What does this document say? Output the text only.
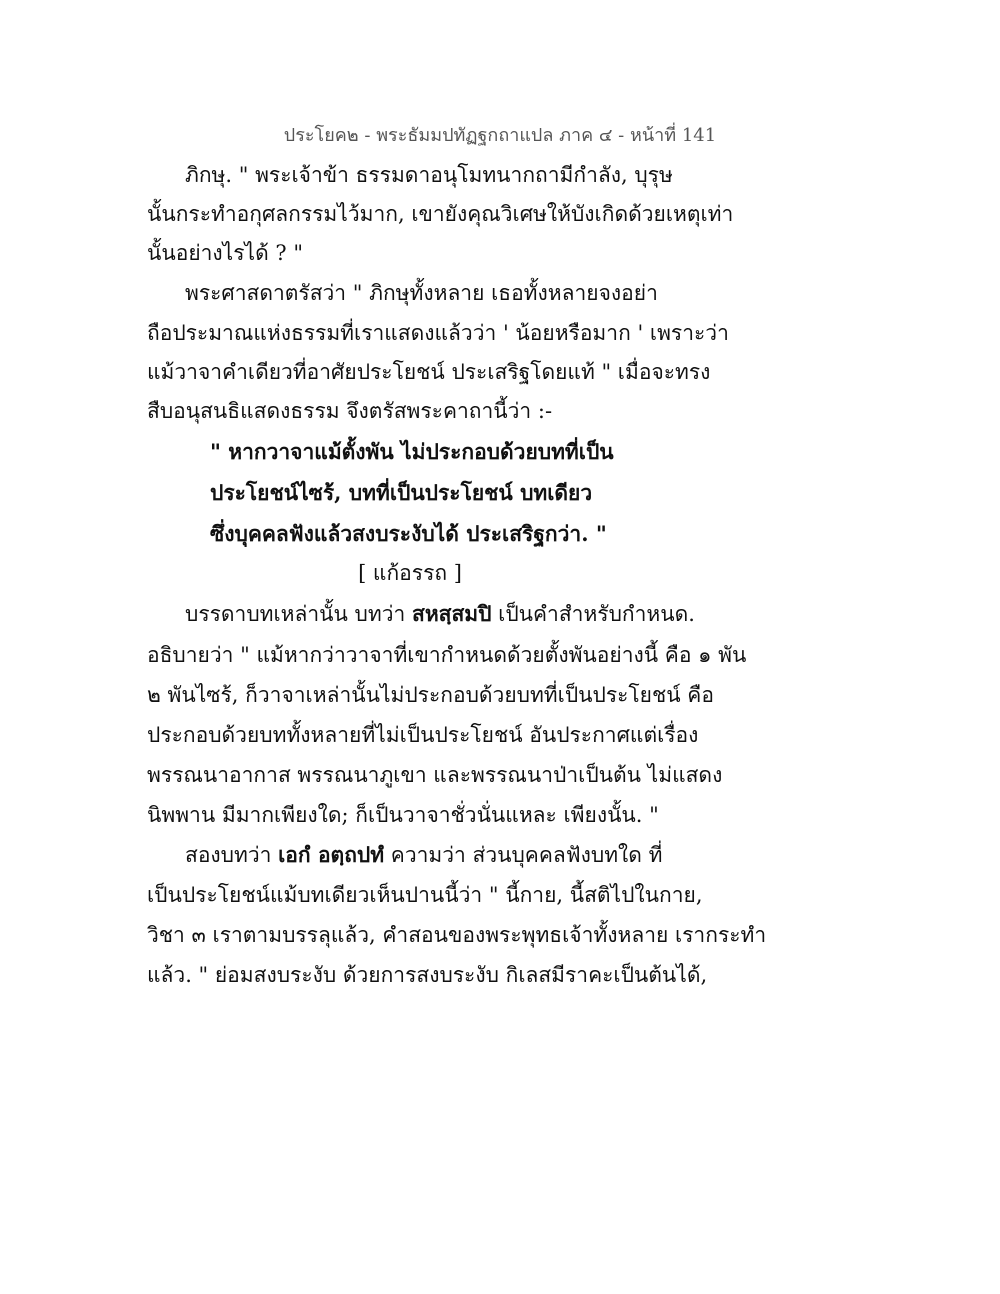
ประโยค๒ - พระธัมมปทัฏฐกถาแปล ภาค ๔ - หน้าที่ 141
ภิกษุ. " พระเจ้าข้า ธรรมดาอนุโมทนากถามีกำลัง, บุรุษ
นั้นกระทำอกุศลกรรมไว้มาก, เขายังคุณวิเศษให้บังเกิดด้วยเหตุเท่า
นั้นอย่างไรได้ ? "
พระศาสดาตรัสว่า " ภิกษุทั้งหลาย เธอทั้งหลายจงอย่า
ถือประมาณแห่งธรรมที่เราแสดงแล้วว่า ' น้อยหรือมาก ' เพราะว่า
แม้วาจาคำเดียวที่อาศัยประโยชน์ ประเสริฐโดยแท้ " เมื่อจะทรง
สืบอนุสนธิแสดงธรรม จึงตรัสพระคาถานี้ว่า :-
" หากวาจาแม้ตั้งพัน ไม่ประกอบด้วยบทที่เป็น
ประโยชน์ไซร้, บทที่เป็นประโยชน์ บทเดียว
ซึ่งบุคคลฟังแล้วสงบระงับได้ ประเสริฐกว่า. "
[ แก้อรรถ ]
บรรดาบทเหล่านั้น บทว่า สหสฺสมปิ เป็นคำสำหรับกำหนด.
อธิบายว่า " แม้หากว่าวาจาที่เขากำหนดด้วยตั้งพันอย่างนี้ คือ ๑ พัน
๒ พันไซร้, ก็วาจาเหล่านั้นไม่ประกอบด้วยบทที่เป็นประโยชน์ คือ
ประกอบด้วยบททั้งหลายที่ไม่เป็นประโยชน์ อันประกาศแต่เรื่อง
พรรณนาอากาส พรรณนาภูเขา และพรรณนาป่าเป็นต้น ไม่แสดง
นิพพาน มีมากเพียงใด; ก็เป็นวาจาชั่วนั่นแหละ เพียงนั้น. "
สองบทว่า เอกํ อตฺถปทํ ความว่า ส่วนบุคคลฟังบทใด ที่
เป็นประโยชน์แม้บทเดียวเห็นปานนี้ว่า " นี้กาย, นี้สติไปในกาย,
วิชา ๓ เราตามบรรลุแล้ว, คำสอนของพระพุทธเจ้าทั้งหลาย เรากระทำ
แล้ว. " ย่อมสงบระงับ ด้วยการสงบระงับ กิเลสมีราคะเป็นต้นได้,
